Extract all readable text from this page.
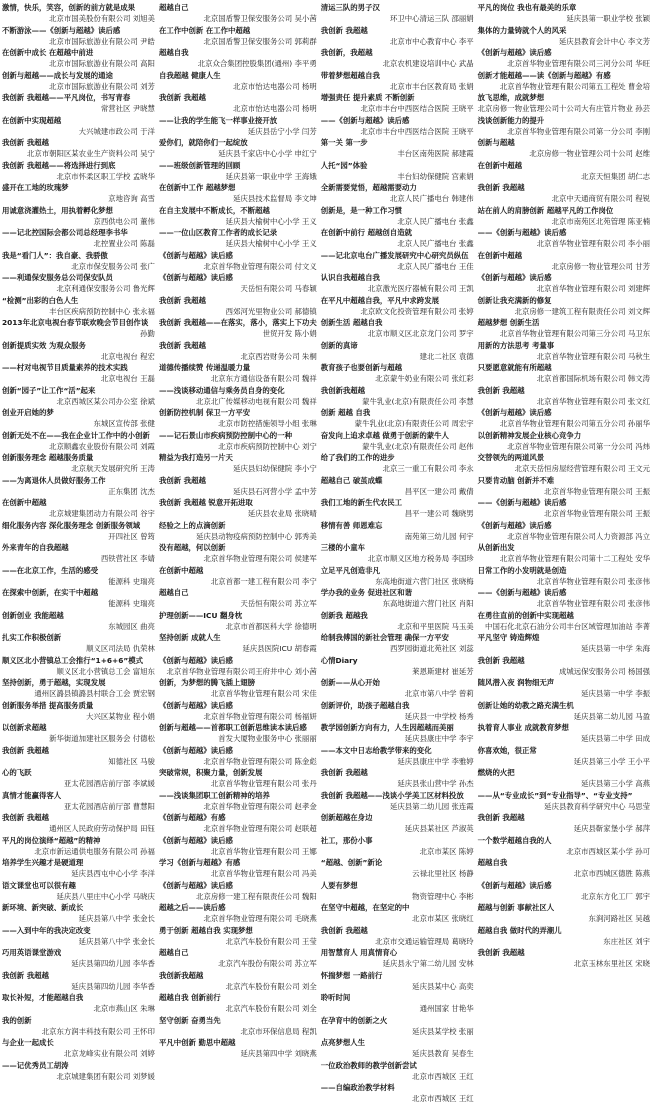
激情，快乐，笑容，创新的前方就是成果
北京市国美股份有限公司 刘旭美
不断游泳——《创新与超越》读后感
北京市国际旅游业有限公司 尹皓
在创新中成长 在超越中前进
北京市国际旅游业有限公司 高阳
创新与超越——成长与发展的通途
北京市国际旅游业有限公司 刘芳
我创新 我超越——平凡岗位，书写青春
常营社区 尹晓慧
在创新中实现超越
大兴城建市政公司 于洋
我创新 我超越
北京市朝阳区某农业生产资料公司 吴宁
我创新 我超越——将选择进行到底
北京市怀柔区职工学校 孟晓华
盛开在工地的玫瑰梦
京地咨询 高雪
用诚意浇灌热土，用执着孵化梦想
京西供电公司 董伟
——记北控国际会都公司总经理李书华
北控置业公司 陈磊
我是“看门人”：我自豪、我骄傲
北京市保安服务公司 张广
——利通保安服务总公司保安队员
北京利通保安服务公司 鲁光辉
“检测”出彩的白色人生
丰台区疾病预防控制中心 张永福
2013年北京电视台春节联欢晚会节目创作谈
孙勤
创新提质实效 为观众服务
北京电视台 程宏
——村对电视节目质量素养的技术实践
北京电视台 王磊
创新“园子”让工作“活”起来
北京西城区某公司办公室 徐斌
创业开启她的梦
东城区宣传部 张健
创新无处不在——我在企业计工作中的小创新
北京顺鑫农业股份有限公司 刘霞
创新服务理念 超越服务质量
北京航天发展研究所 王涛
——为离退休人员做好服务工作
正东集团 沈杰
在创新中超越
北京城建集团动力有限公司 谷宇
细化服务内容 深化服务理念 创新服务领域
开四社区 曾筠
外来青年的自我超越
西铁营社区 李婧
——在北京工作，生活的感受
能源科 史瑞亮
在探索中创新，在实干中超越
能源科 史瑞亮
创新创业 我能超越
东城园区 曲亮
扎实工作积极创新
顺义区司法局 仇荣林
顺义区北小营镇总工会推行“1+6+6”模式
顺义区北小营镇总工会 富旭东
坚持创新，勇于超越，实现发展
通州区潞县镇潞县村联合工会 贾宏钢
创新服务举措 提高服务质量
大兴区某物业 程小娟
以创新求超越
新华街道加建社区服务会 付德松
我创新 我超越
知德社区 马骏
心的飞跃
亚太花园酒店前厅部 李斌媛
真情才能赢得客人
亚太花园酒店前厅部 曹慧阳
我创新 我超越
通州区人民政府劳动保护局 田钰
平凡的岗位演绎“超越”的精神
北京市新运通供电服务有限公司 孙福
培养学生兴趣才是硬道理
延庆县西屯中心小学 李洋
语文课堂也可以很有趣
延庆县八里庄中心小学 马晓庆
新环境、新突破、新成长
延庆县第八中学 张金长
——入到中年的我决定改变
延庆县第八中学 张金长
巧用英语课堂游戏
延庆县第四幼儿园 李华香
我创新 我超越
延庆县第四幼儿园 李华香
取长补短，才能超越自我
北京市燕山区 朱琳
我的创新
北京东方润丰科技有限公司 王怀印
与企业一起成长
北京龙峰实业有限公司 刘婷
——记优秀员工胡涛
北京城建集团有限公司 刘梦媛
超越自己
北京国盾警卫保安服务公司 吴小茜
在工作中创新 在工作中超越
北京国盾警卫保安服务公司 郭莉群
超越自我
北京众合集团控股集团(通州) 李平勇
自我超越 健康人生
北京市怡达电器公司 杨明
我创新 我超越
北京市怡达电器公司 杨明
——让我的学生能飞一样事业接开放
延庆县岳宁小学 闫芳
爱你们，就陪你们一起绽放
延庆县千家店中心小学 申红宁
——班级创新管理的回顾
延庆县第一职业中学 王海娥
在创新中工作 超越梦想
延庆县技术监督局 李文坤
在自主发展中不断成长，不断超越
延庆县大榆树中心小学 王义
——一位山区教育工作者的成长记录
延庆县大榆树中心小学 王义
《创新与超越》读后感
北京首华物业管理有限公司 付文义
《创新与超越》读后感
天岳恒有限公司 马春颖
我创新 我超越
西郊河光里物业公司 郝德镇
我创新 我超越——在落实，落小，落实上下功夫
世贸开发 陈小娟
我创新 我超越
北京西岩财务公司 朱桐
道德传播续赞 传递温暖力量
北京东方通信设备有限公司 魏祥
——浅谈移动通信与乘务员自身的变化
北京北广传媒移动电视有限公司 魏祥
创新防控机制 保卫一方平安
北京市防控措施领导小组 张琳
——记石景山市疾病预防控制中心的一种
北京市疾病预防控制中心 刘宁
精益为我打造另一片天
延庆县妇幼保健院 李小宁
我创新 我超越
延庆县石河营小学 孟中芳
我创新 我超越 锐意开拓进取
延庆县农业局 张晓晴
经验之上的点滴创新
延庆县动物疫病预防控制中心 郭秀美
没有超越，何以创新
北京首华物业管理有限公司 侯建军
在创新中超越
北京首都一建工程有限公司 李宁
超越自己
天岳恒有限公司 苏立军
护理创新——ICU 翻身枕
北京市首都医科大学 徐德明
坚持创新 成就人生
延庆县医院ICU 胡春霞
《创新与超越》读后感
北京首华物业管理有限公司王府井中心 刘小茜
创新，为梦想的腾飞插上翅膀
北京首华物业管理有限公司 宋佳
《创新与超越》读后感
北京首华物业管理有限公司 杨福妍
创新与超越——首都职工创新思维读本读后感
首发大厦物业服务中心 张丽丽
《创新与超越》读后感
北京首华物业管理有限公司 陈金彪
突破常规，积聚力量，创新发展
北京首华物业管理有限公司 张丹
——浅谈集团职工创新精神的培养
北京首华物业管理有限公司 赵孝金
《创新与超越》有感
北京首华物业管理有限公司 赵联超
《创新与超越》读后感
北京首华物业管理有限公司 王娜
学习《创新与超越》有感
北京首华物业管理有限公司 冯美
《创新与超越》读后感
北京房修一建工程有限责任公司 魏阳
超越之后——读后感
北京首华物业管理有限公司 毛晓燕
勇于创新 超越自我 实现梦想
北京汽车股份有限公司 王莹
超越自己
北京汽车股份有限公司 苏立军
我创新我超越
北京汽车股份有限公司 刘全
超越自我 创新前行
北京汽车股份有限公司 刘全
坚守创新 奋勇当先
北京市环保信息局 程凯
平凡中创新 勤思中超越
延庆县第四中学 刘晓燕
清运三队的男子汉
环卫中心清运三队 邵丽娟
我创新 我超越
北京市中心教育中心 李平
我创新，我超越
北京农机建设培训中心 武晶
带着梦想超越自我
北京市丰台区教育局 张娟
增强责任 提升素质 不断创新
北京市丰台中西医结合医院 王晓平
——《创新与超越》读后感
北京市丰台中西医结合医院 王晓平
第一关 第一步
丰台区南苑医院 郝建霞
人托“园”体验
丰台妇幼保健院 宫素娟
全新需要觉悟，超越需要动力
北京人民广播电台 韩建伟
创新是，是一种工作习惯
北京人民广播电台 张鑫
在创新中前行 超越创自造就
北京人民广播电台 张鑫
——记北京电台广播发展研究中心研究员纵伍
北京人民广播电台 王佳
认识自我超越自我
北京激光医疗器械有限公司 王凯
在平凡中超越自我，平凡中求跨发展
北京欧文化投资管理有限公司 张婷
创新生活 超越自我
北京市顺义区北京龙门公司 罗宇
创新的真谛
建北二社区 袁德
教育孩子也要创新与超越
北京蒙牛奶业有限公司 张红彩
我创新我超越
蒙牛乳业(北京)有限责任公司 李慧
创新 超越 自我
蒙牛乳业(北京)有限责任公司 周宏宇
奋发向上追求卓越 做勇于创新的蒙牛人
蒙牛乳业(北京)有限责任公司 赵伟
给了我们的工作的进步
北京三一重工有限公司 李永
超越自己 破茧成蝶
昌平区一建公司 戴倩
我们工地的新生代农民工
昌平一建公司 魏晓男
移情有善 师恩难忘
南苑第三幼儿园 何宇
三楼的小童车
北京市顺义区地方税务局 李国珍
立足平凡创造非凡
东高地街道六营门社区 张晓梅
学办我的业务 促进社区和谐
东高地街道六营门社区 肖阳
创新我 超越我
北京和平里医院 马玉美
给制我傅国的新社会管理 确保一方平安
西罗园街道北苑社区 刘蕊
心情Diary
莱恩斯建材 崔延芳
创新——从心开始
北京市第八中学 曾莉
创新评价，助孩子超越自我
延庆县一中学校 杨秀
教学园创新方向有力，人生因超越而美丽
延庆县康庄中学 李宇
——本文中日志给教学带来的变化
延庆县康庄中学 李雅婷
我创新 我超越
延庆县张山营中学 孙杰
我创新 我超越——浅谈小学美工区材料投放
延庆县第二幼儿园 张连霞
创新超越在身边
延庆县某社区 芦淑英
社工，那份小事
北京市某区 陈婷
“超越、创新”新论
云禄北里社区 杨静
人要有梦想
物资管理中心 李彬
在坚守中超越，在坚定的中
北京市某区 张晓红
我创新 我超越
北京市交通运输管理局 葛晓玲
用智慧育人 用真情育心
延庆县永宁第二幼儿园 安林
怀揣梦想 一路前行
延庆县某中心 高奕
聆听时间
通州国家 甘艳华
在孕育中的创新之火
延庆县某学校 张丽
点亮梦想人生
延庆县教育 吴春生
一位政治教师的教学创新尝试
北京市西城区 王红
——自编政治教学材料
北京市西城区 王红
平凡的岗位 我也有最美的乐章
延庆县第一职业学校 张颖
集体的力量铸就个人的风采
延庆县教育会计中心 李文芳
《创新与超越》读后感
北京首华物业管理有限公司三河分公司 华旺
创新才能超越——读《创新与超越》有感
北京首华物业管理有限公司第五工程处 曹金培
放飞思维，成就梦想
北京房修一物业管理公司十公司大有庄管片物业 孙芸
浅谈创新能力的提升
北京首华物业管理有限公司第一分公司 李刚
创新与超越
北京房修一物业管理公司十公司 赵维
在创新中超越
北京天恒集团 胡仁志
我创新 我超越
北京中天通商贸有限公司 程锐
站在前人的肩膀创新 超越平凡的工作岗位
北京市南苑区北苑管理 陈亚楠
——《创新与超越》读后感
北京首华物业管理有限公司 李小丽
在创新中超越
北京房修一物业管理公司 甘芳
《创新与超越》读后感
北京首华物业管理有限公司 刘建辉
创新让我充满新的修复
北京房修一建筑工程有限责任公司 刘文辉
超越梦想 创新生活
北京首华物业管理有限公司第三分公司 马卫东
用新的方法思考 考量事
北京首华物业管理有限公司 马秋生
只要愿意就能有所超越
北京首都国际机场有限公司 韩文涛
我创新 我超越
北京首华物业管理有限公司 张文红
《创新与超越》读后感
北京首华物业管理有限公司第五分公司 孙丽华
以创新精神发展企业核心竞争力
北京首华物业管理有限公司第一分公司 冯炜
交替领先的两道风景
北京天岳恒房屋经营管理有限公司 王文元
只要肯动脑 创新并不难
北京首华物业管理有限公司 王振
——《创新与超越》读后感
北京首华物业管理有限公司 王振
《创新与超越》读后感
北京首华物业管理有限公司人力资源部 冯立
从创新出发
北京首华物业管理有限公司第十二工程处 安华
日常工作的小发明就是创造
北京首华物业管理有限公司 张彦伟
——《创新与超越》读后感
北京首华物业管理有限公司 张彦伟
在勇往直前的创新中实现超越
中国石化北京石油分公司丰台区域管理加油站 李菁
平凡坚守 铸造辉煌
延庆县第一中学 朱海
我创新 我超越
成城远保安服务公司 杨国强
随风潜入夜 润物细无声
延庆县第一中学 李振
创新让她的幼教之路充满生机
延庆县第二幼儿园 马盈
执着育人事业 成就教育梦想
延庆县第二中学 田成
你喜欢她，很正常
延庆县第三小学 王小平
燃烧的火把
延庆县第三小学 高燕
——从“专业成长”到“专业指导”、“专业支持”
延庆县教育科学研究中心 马思莹
我创新 我超越
延庆县靳家堡小学 郝萍
一个数学超越自我的人
北京市西城区某小学 孙可
超越自我
北京市西城区德胜 陈燕
《创新与超越》读后感
北京东方化工厂 郭宇
超越与创新 事献社区人
东涧河路社区 吴越
超越自我 做时代的弄潮儿
东庄社区 刘宇
我创新 我超越
北京玉林东里社区 宋晓
